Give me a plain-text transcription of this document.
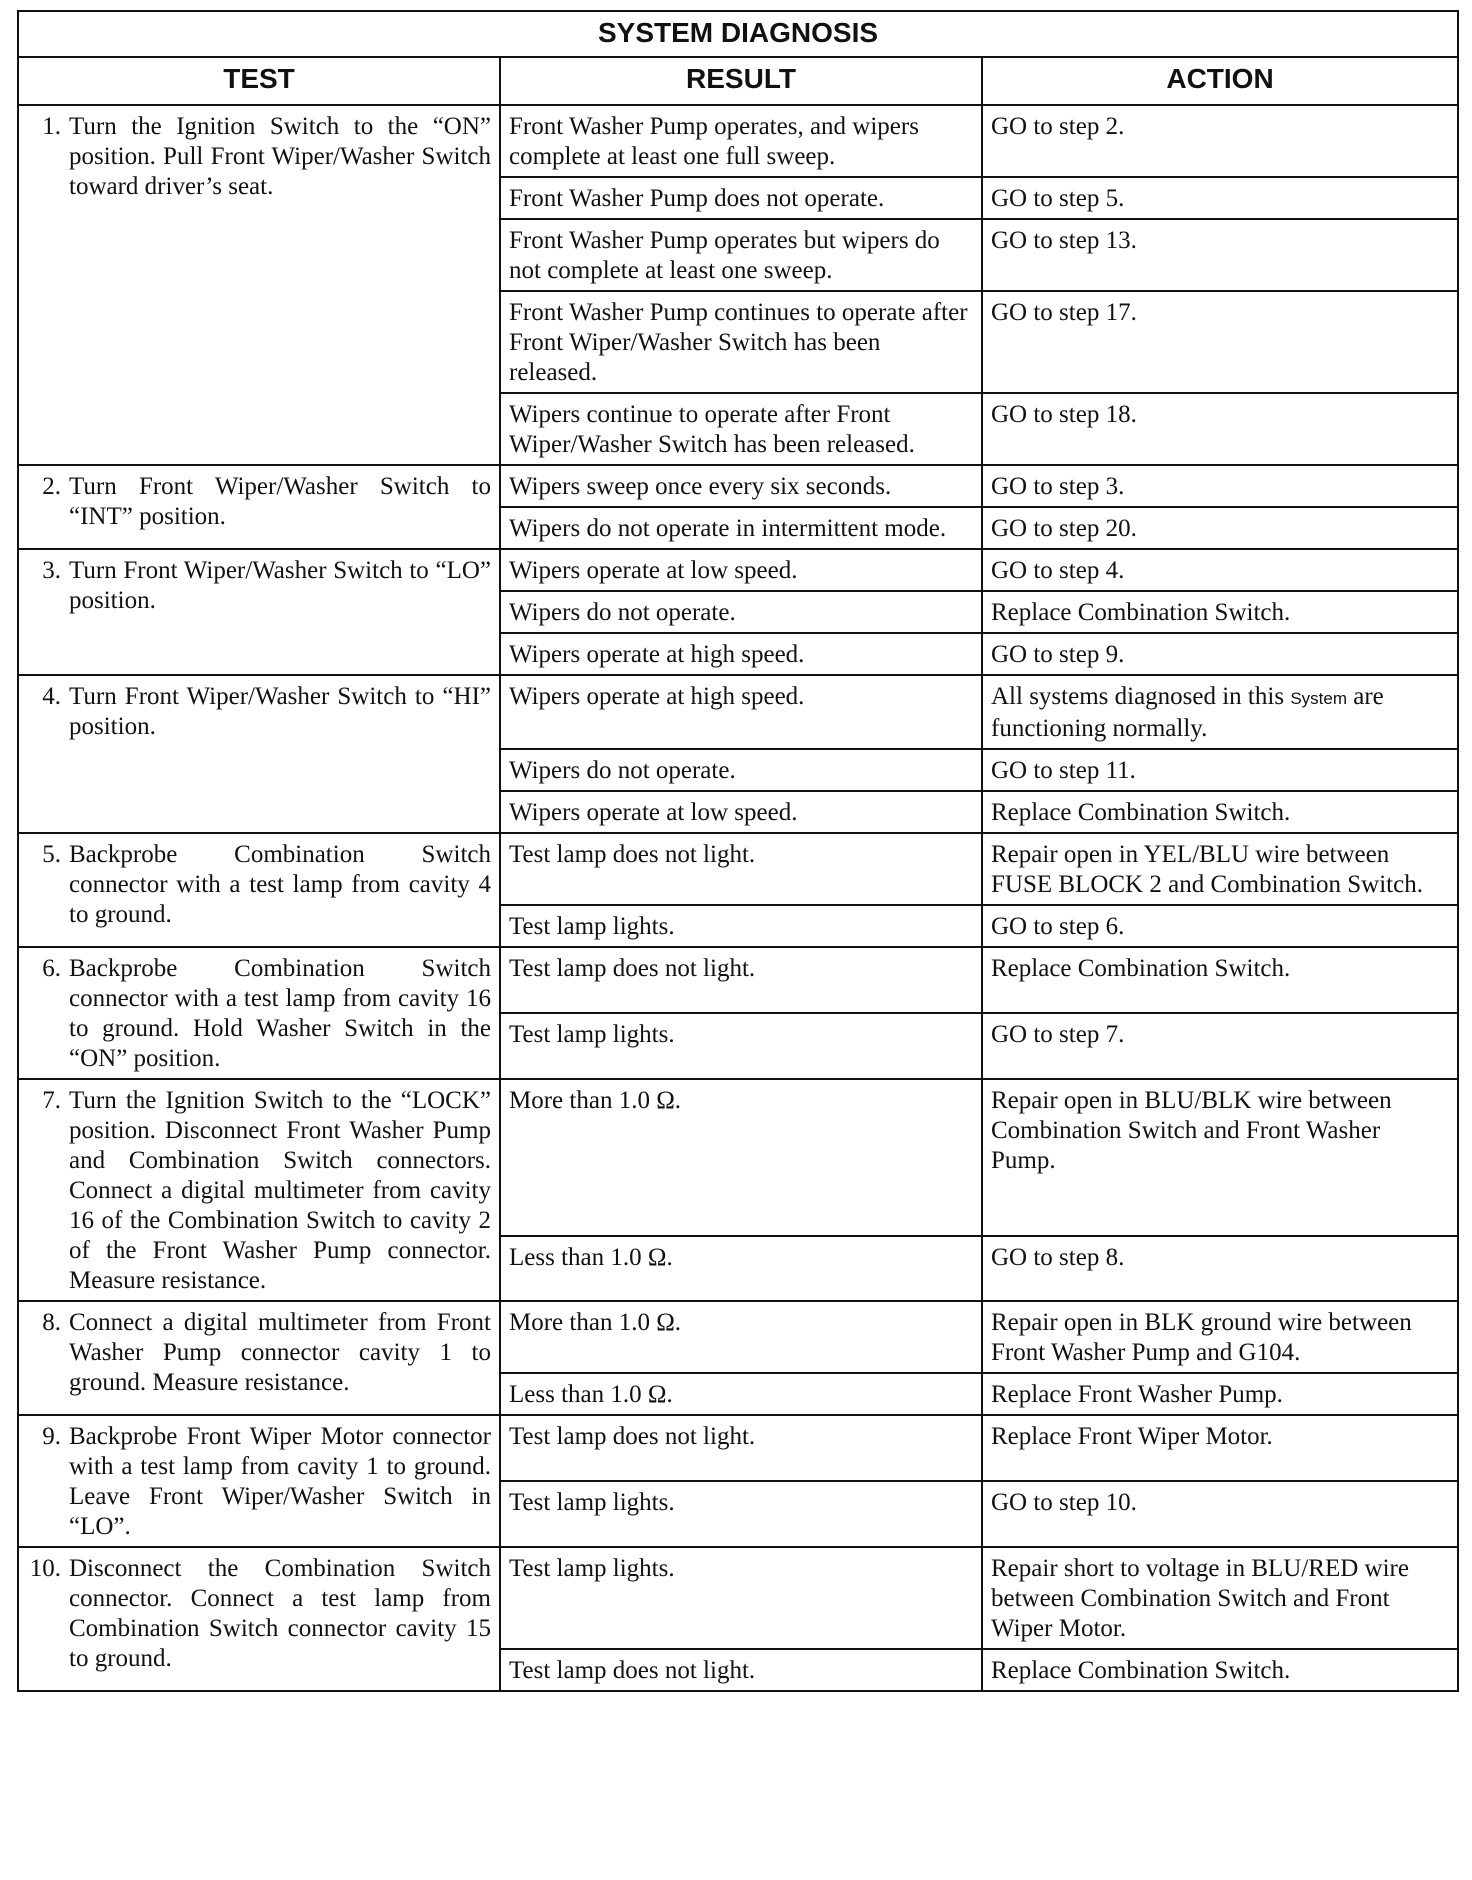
SYSTEM DIAGNOSIS		
TEST	RESULT	ACTION

1. Turn the Ignition Switch to the “ON” position. Pull Front Wiper/Washer Switch toward driver’s seat.	Front Washer Pump operates, and wipers complete at least one full sweep.	GO to step 2.
	Front Washer Pump does not operate.	GO to step 5.
	Front Washer Pump operates but wipers do not complete at least one sweep.	GO to step 13.
	Front Washer Pump continues to operate after Front Wiper/Washer Switch has been released.	GO to step 17.
	Wipers continue to operate after Front Wiper/Washer Switch has been released.	GO to step 18.

2. Turn Front Wiper/Washer Switch to “INT” position.	Wipers sweep once every six seconds.	GO to step 3.
	Wipers do not operate in intermittent mode.	GO to step 20.

3. Turn Front Wiper/Washer Switch to “LO” position.	Wipers operate at low speed.	GO to step 4.
	Wipers do not operate.	Replace Combination Switch.
	Wipers operate at high speed.	GO to step 9.

4. Turn Front Wiper/Washer Switch to “HI” position.	Wipers operate at high speed.	All systems diagnosed in this System are functioning normally.
	Wipers do not operate.	GO to step 11.
	Wipers operate at low speed.	Replace Combination Switch.

5. Backprobe Combination Switch connector with a test lamp from cavity 4 to ground.	Test lamp does not light.	Repair open in YEL/BLU wire between FUSE BLOCK 2 and Combination Switch.
	Test lamp lights.	GO to step 6.

6. Backprobe Combination Switch connector with a test lamp from cavity 16 to ground. Hold Washer Switch in the “ON” position.	Test lamp does not light.	Replace Combination Switch.
	Test lamp lights.	GO to step 7.

7. Turn the Ignition Switch to the “LOCK” position. Disconnect Front Washer Pump and Combination Switch connectors. Connect a digital multimeter from cavity 16 of the Combination Switch to cavity 2 of the Front Washer Pump connector. Measure resistance.	More than 1.0 Ω.	Repair open in BLU/BLK wire between Combination Switch and Front Washer Pump.
	Less than 1.0 Ω.	GO to step 8.

8. Connect a digital multimeter from Front Washer Pump connector cavity 1 to ground. Measure resistance.	More than 1.0 Ω.	Repair open in BLK ground wire between Front Washer Pump and G104.
	Less than 1.0 Ω.	Replace Front Washer Pump.

9. Backprobe Front Wiper Motor connector with a test lamp from cavity 1 to ground. Leave Front Wiper/Washer Switch in “LO”.	Test lamp does not light.	Replace Front Wiper Motor.
	Test lamp lights.	GO to step 10.

10. Disconnect the Combination Switch connector. Connect a test lamp from Combination Switch connector cavity 15 to ground.	Test lamp lights.	Repair short to voltage in BLU/RED wire between Combination Switch and Front Wiper Motor.
	Test lamp does not light.	Replace Combination Switch.
